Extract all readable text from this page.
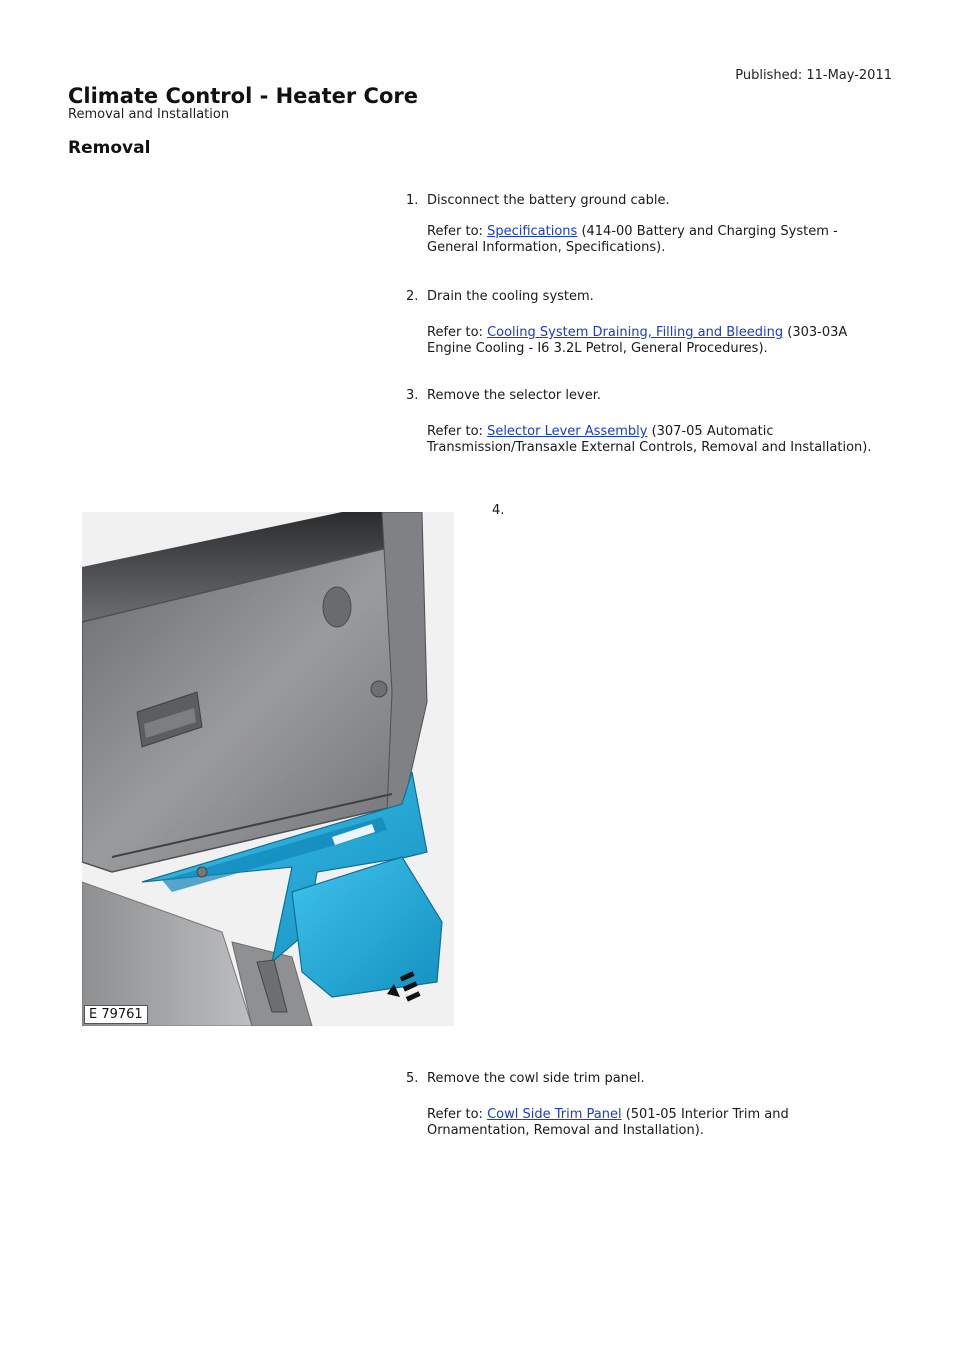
Published: 11-May-2011
Climate Control - Heater Core
Removal and Installation
Removal
1. Disconnect the battery ground cable.
Refer to: Specifications (414-00 Battery and Charging System - General Information, Specifications).
2. Drain the cooling system.
Refer to: Cooling System Draining, Filling and Bleeding (303-03A Engine Cooling - I6 3.2L Petrol, General Procedures).
3. Remove the selector lever.
Refer to: Selector Lever Assembly (307-05 Automatic Transmission/Transaxle External Controls, Removal and Installation).
4.
E 79761
5. Remove the cowl side trim panel.
Refer to: Cowl Side Trim Panel (501-05 Interior Trim and Ornamentation, Removal and Installation).
